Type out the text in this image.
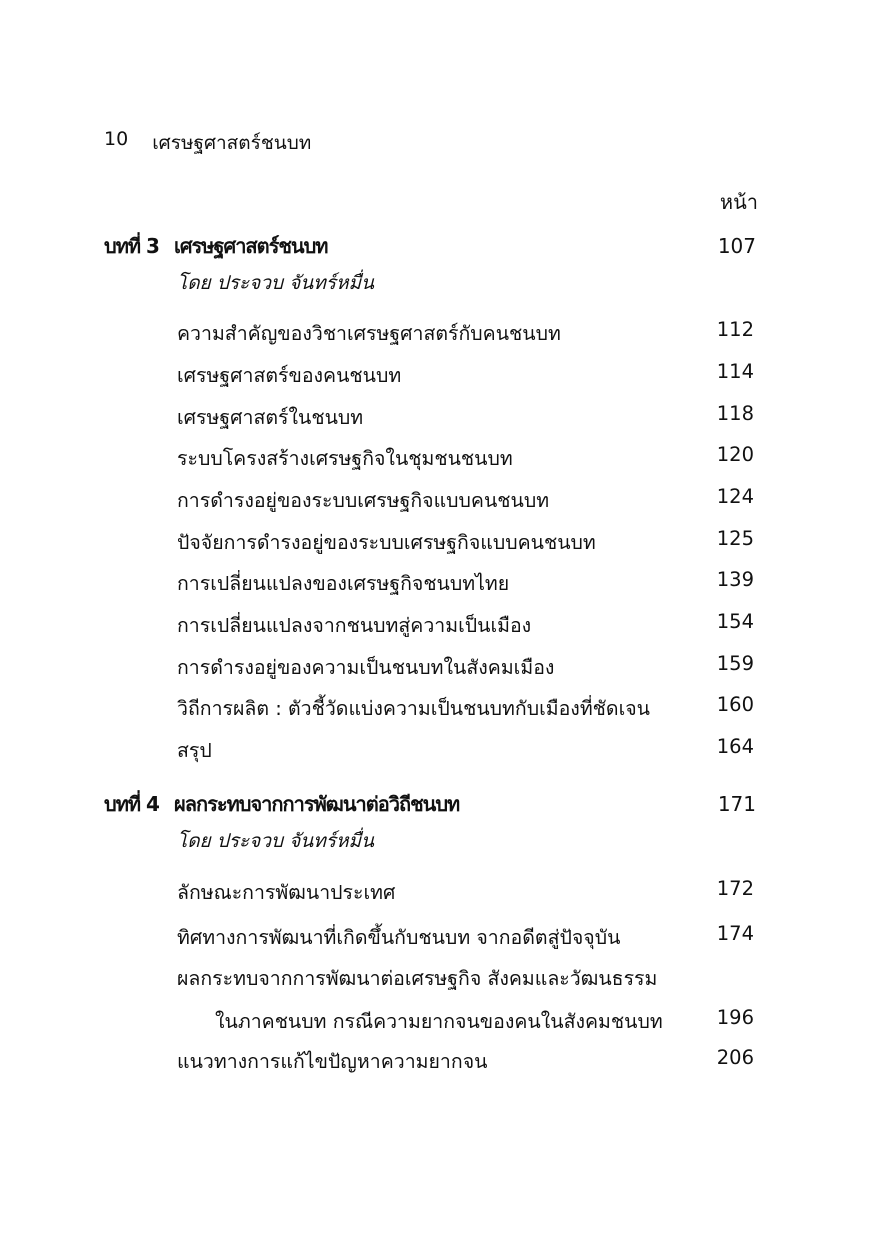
10 เศรษฐศาสตร์ชนบท
หน้า
บทที่ 3 เศรษฐศาสตร์ชนบท	107
โดย ประจวบ จันทร์หมื่น
ความสำคัญของวิชาเศรษฐศาสตร์กับคนชนบท	112
เศรษฐศาสตร์ของคนชนบท	114
เศรษฐศาสตร์ในชนบท	118
ระบบโครงสร้างเศรษฐกิจในชุมชนชนบท	120
การดำรงอยู่ของระบบเศรษฐกิจแบบคนชนบท	124
ปัจจัยการดำรงอยู่ของระบบเศรษฐกิจแบบคนชนบท	125
การเปลี่ยนแปลงของเศรษฐกิจชนบทไทย	139
การเปลี่ยนแปลงจากชนบทสู่ความเป็นเมือง	154
การดำรงอยู่ของความเป็นชนบทในสังคมเมือง	159
วิถีการผลิต : ตัวชี้วัดแบ่งความเป็นชนบทกับเมืองที่ชัดเจน	160
สรุป	164
บทที่ 4 ผลกระทบจากการพัฒนาต่อวิถีชนบท	171
โดย ประจวบ จันทร์หมื่น
ลักษณะการพัฒนาประเทศ	172
ทิศทางการพัฒนาที่เกิดขึ้นกับชนบท จากอดีตสู่ปัจจุบัน	174
ผลกระทบจากการพัฒนาต่อเศรษฐกิจ สังคมและวัฒนธรรม
ในภาคชนบท กรณีความยากจนของคนในสังคมชนบท	196
แนวทางการแก้ไขปัญหาความยากจน	206
